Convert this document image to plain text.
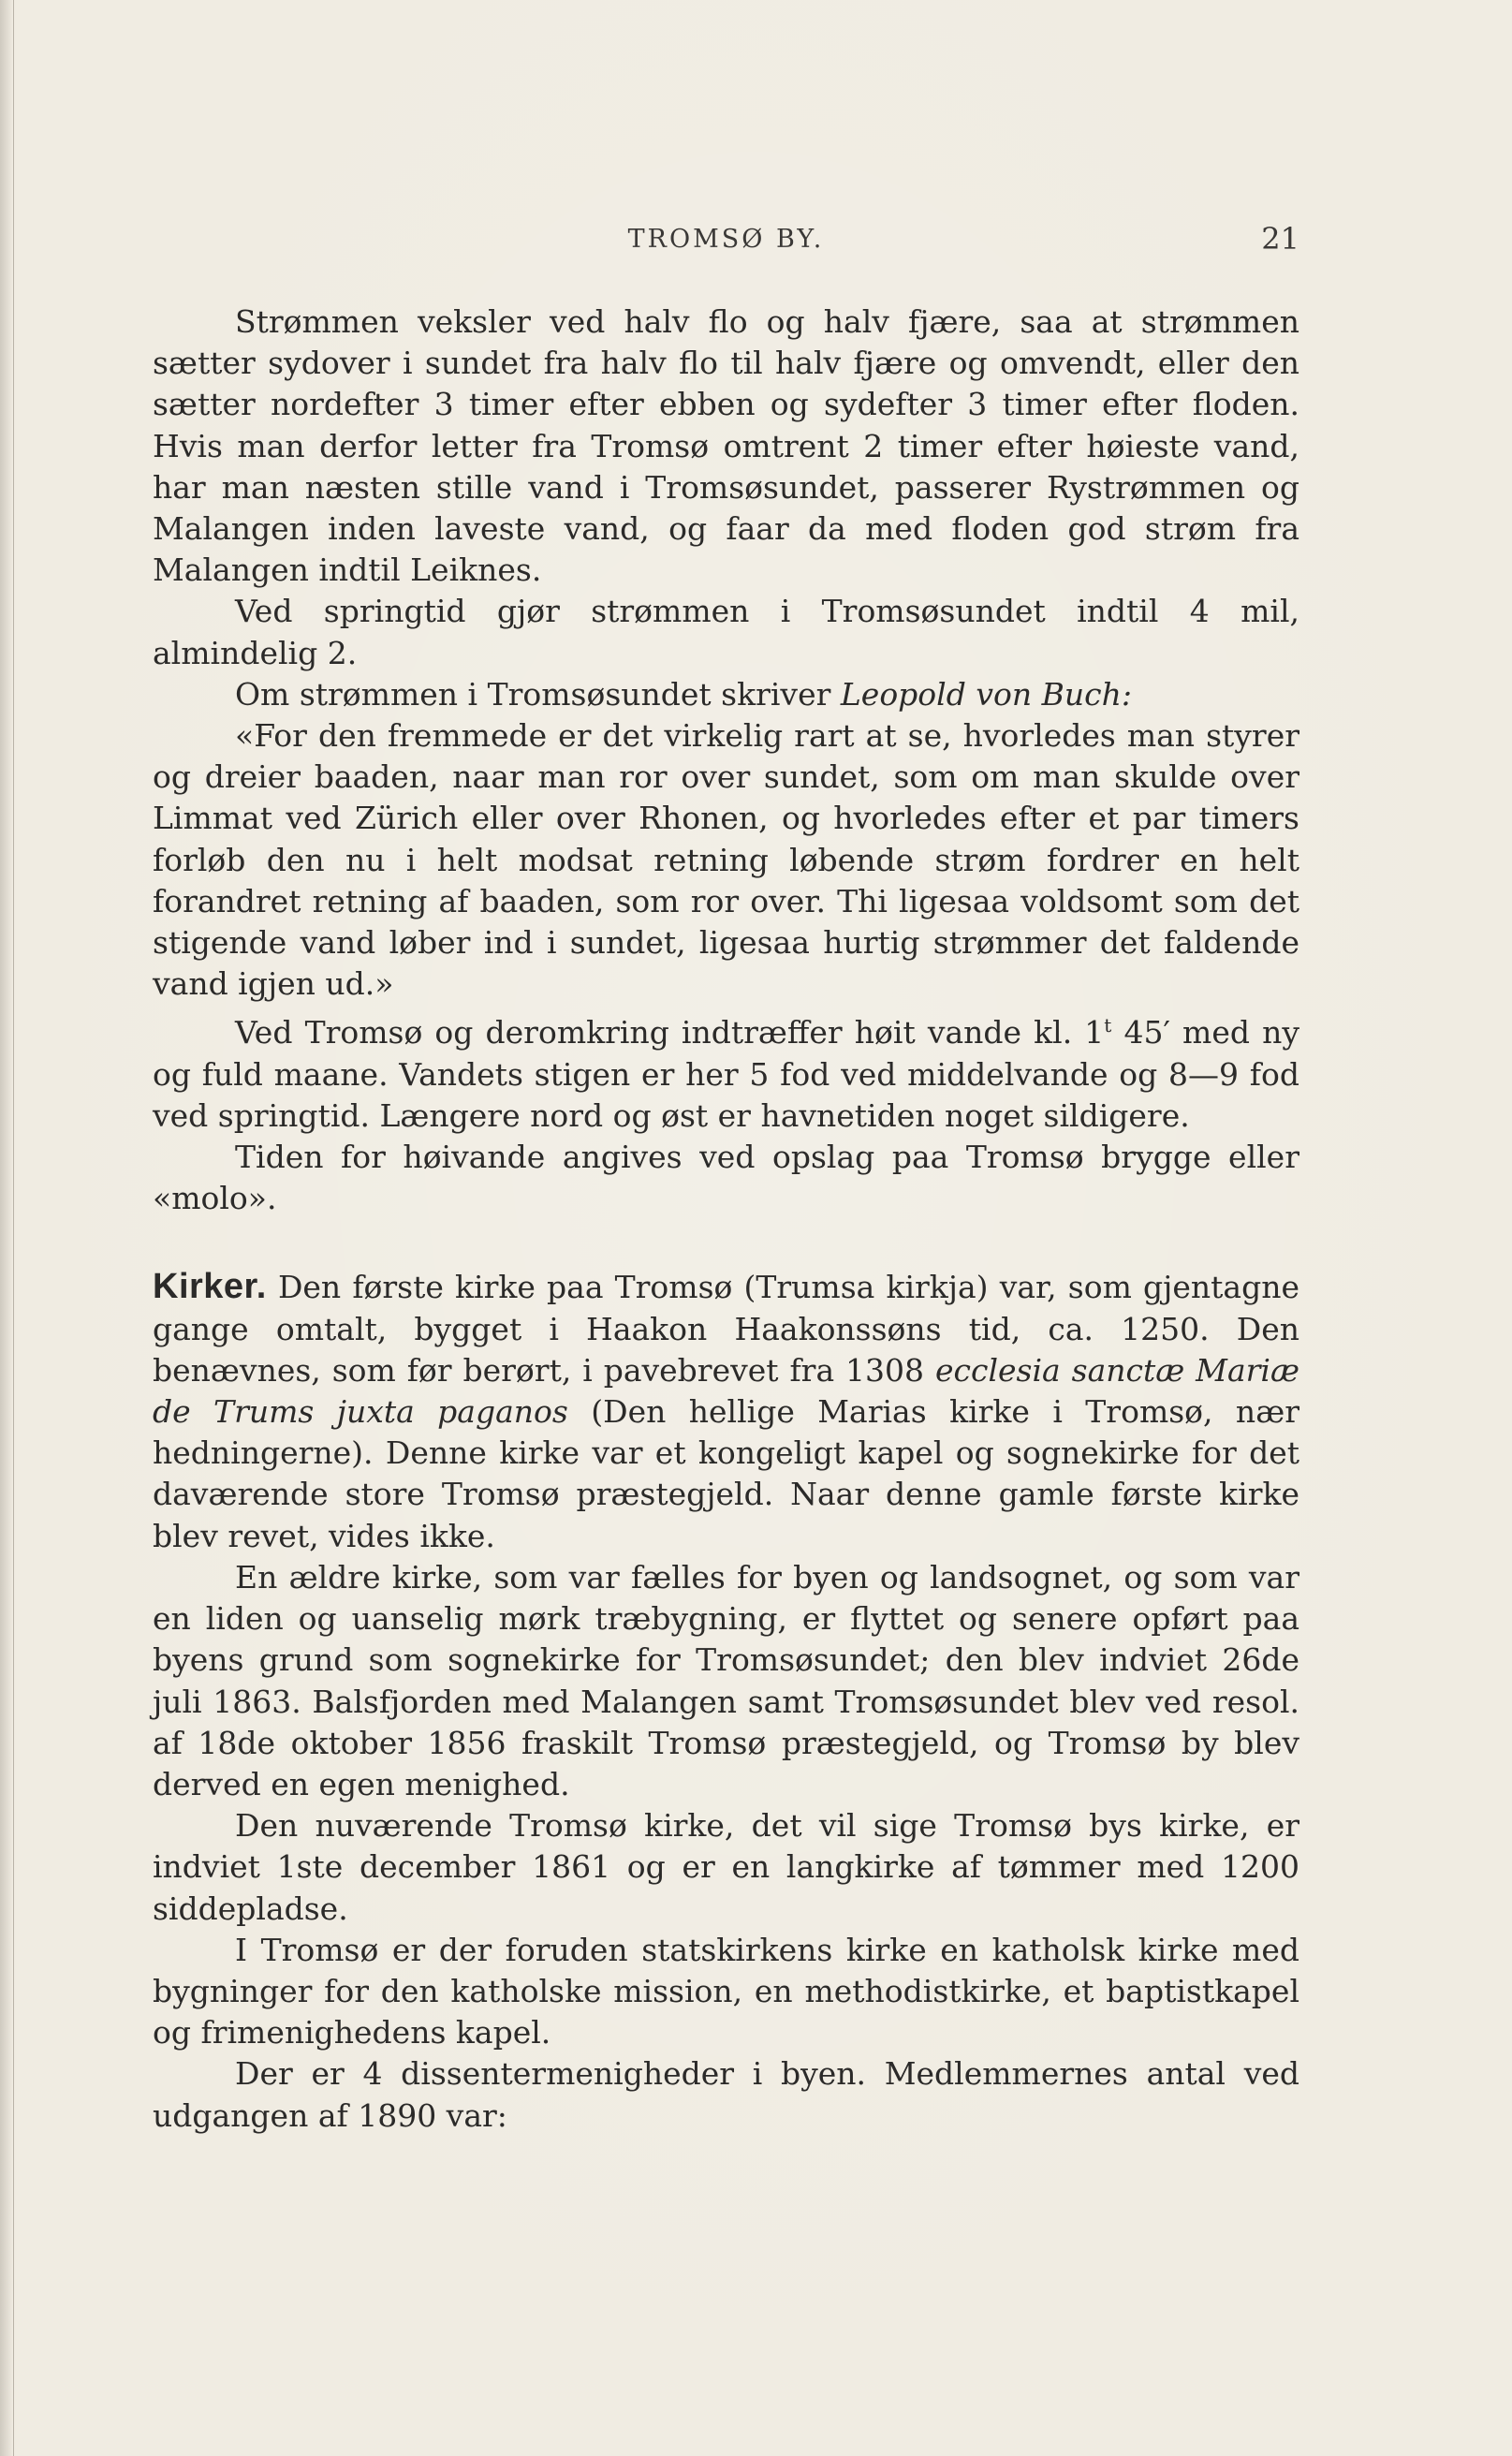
TROMSØ BY.	21

Strømmen veksler ved halv flo og halv fjære, saa at strømmen sætter sydover i sundet fra halv flo til halv fjære og omvendt, eller den sætter nordefter 3 timer efter ebben og sydefter 3 timer efter floden. Hvis man derfor letter fra Tromsø omtrent 2 timer efter høieste vand, har man næsten stille vand i Tromsøsundet, passerer Rystrømmen og Malangen inden laveste vand, og faar da med floden god strøm fra Malangen indtil Leiknes.

Ved springtid gjør strømmen i Tromsøsundet indtil 4 mil, almindelig 2.

Om strømmen i Tromsøsundet skriver Leopold von Buch:

«For den fremmede er det virkelig rart at se, hvorledes man styrer og dreier baaden, naar man ror over sundet, som om man skulde over Limmat ved Zürich eller over Rhonen, og hvorledes efter et par timers forløb den nu i helt modsat retning løbende strøm fordrer en helt forandret retning af baaden, som ror over. Thi ligesaa voldsomt som det stigende vand løber ind i sundet, ligesaa hurtig strømmer det faldende vand igjen ud.»

Ved Tromsø og deromkring indtræffer høit vande kl. 1$^t$ 45′ med ny og fuld maane. Vandets stigen er her 5 fod ved middelvande og 8—9 fod ved springtid. Længere nord og øst er havnetiden noget sildigere.

Tiden for høivande angives ved opslag paa Tromsø brygge eller «molo».

Kirker. Den første kirke paa Tromsø (Trumsa kirkja) var, som gjentagne gange omtalt, bygget i Haakon Haakonssøns tid, ca. 1250. Den benævnes, som før berørt, i pavebrevet fra 1308 ecclesia sanctæ Mariæ de Trums juxta paganos (Den hellige Marias kirke i Tromsø, nær hedningerne). Denne kirke var et kongeligt kapel og sognekirke for det daværende store Tromsø præstegjeld. Naar denne gamle første kirke blev revet, vides ikke.

En ældre kirke, som var fælles for byen og landsognet, og som var en liden og uanselig mørk træbygning, er flyttet og senere opført paa byens grund som sognekirke for Tromsøsundet; den blev indviet 26de juli 1863. Balsfjorden med Malangen samt Tromsøsundet blev ved resol. af 18de oktober 1856 fraskilt Tromsø præstegjeld, og Tromsø by blev derved en egen menighed.

Den nuværende Tromsø kirke, det vil sige Tromsø bys kirke, er indviet 1ste december 1861 og er en langkirke af tømmer med 1200 siddepladse.

I Tromsø er der foruden statskirkens kirke en katholsk kirke med bygninger for den katholske mission, en methodistkirke, et baptistkapel og frimenighedens kapel.

Der er 4 dissentermenigheder i byen. Medlemmernes antal ved udgangen af 1890 var:
